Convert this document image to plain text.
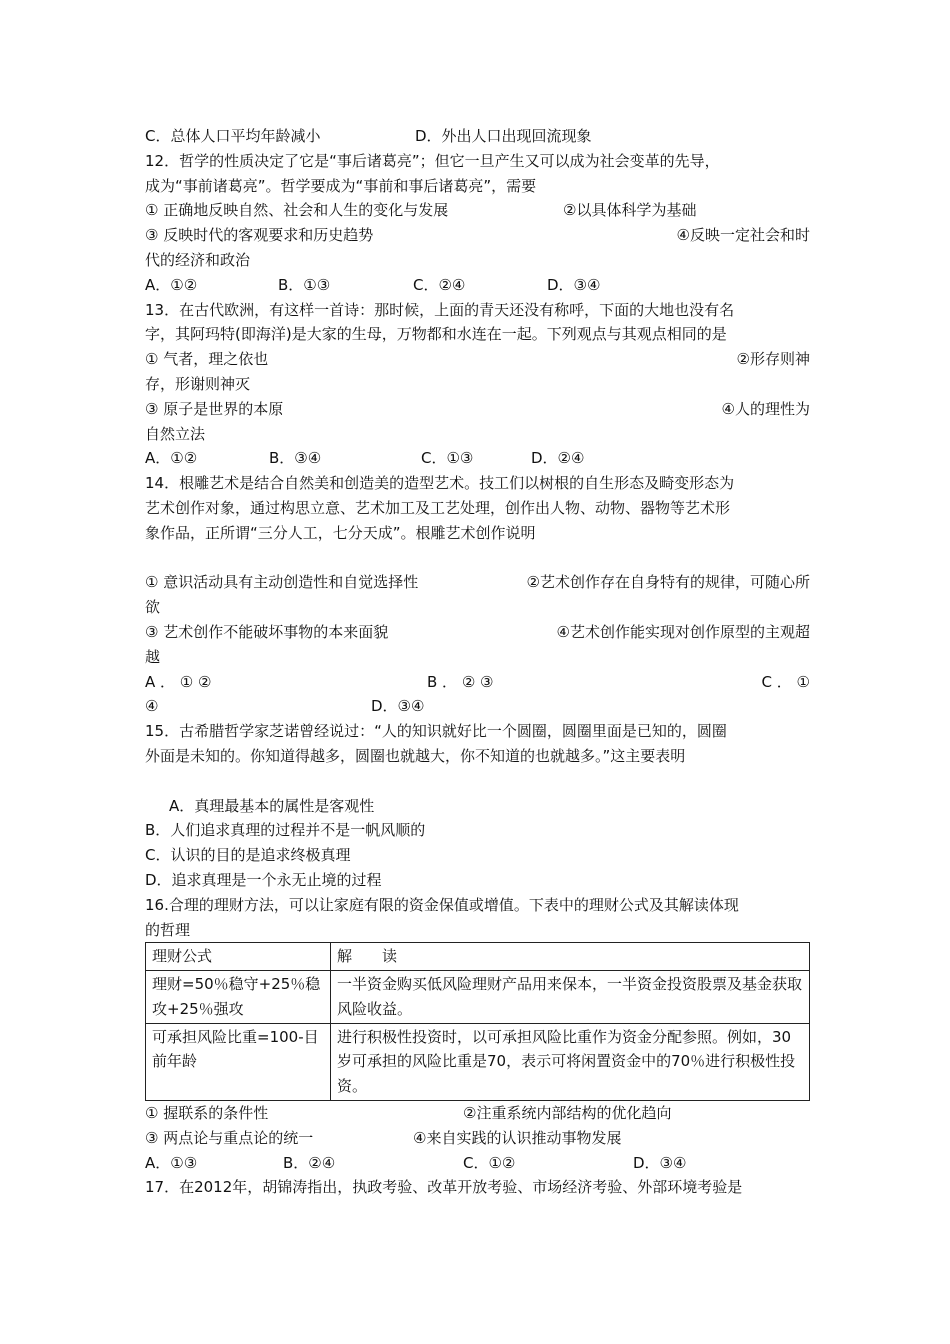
C．总体人口平均年龄减小	D．外出人口出现回流现象
12．哲学的性质决定了它是“事后诸葛亮”；但它一旦产生又可以成为社会变革的先导，
成为“事前诸葛亮”。哲学要成为“事前和事后诸葛亮”，需要
① 正确地反映自然、社会和人生的变化与发展	②以具体科学为基础
③ 反映时代的客观要求和历史趋势	④反映一定社会和时
代的经济和政治
A．①②	B．①③	C．②④	D．③④
13．在古代欧洲，有这样一首诗：那时候，上面的青天还没有称呼，下面的大地也没有名
字，其阿玛特(即海洋)是大家的生母，万物都和水连在一起。下列观点与其观点相同的是
① 气者，理之依也	②形存则神
存，形谢则神灭
③ 原子是世界的本原	④人的理性为
自然立法
A．①②	B．③④	C．①③	D．②④
14．根雕艺术是结合自然美和创造美的造型艺术。技工们以树根的自生形态及畸变形态为
艺术创作对象，通过构思立意、艺术加工及工艺处理，创作出人物、动物、器物等艺术形
象作品，正所谓“三分人工，七分天成”。根雕艺术创作说明
① 意识活动具有主动创造性和自觉选择性	②艺术创作存在自身特有的规律，可随心所
欲
③ 艺术创作不能破坏事物的本来面貌	④艺术创作能实现对创作原型的主观超
越
A ． ① ②	B ． ② ③	C ． ①
④	D．③④
15．古希腊哲学家芝诺曾经说过：“人的知识就好比一个圆圈，圆圈里面是已知的，圆圈
外面是未知的。你知道得越多，圆圈也就越大，你不知道的也就越多。”这主要表明
A．真理最基本的属性是客观性
B．人们追求真理的过程并不是一帆风顺的
C．认识的目的是追求终极真理
D．追求真理是一个永无止境的过程
16.合理的理财方法，可以让家庭有限的资金保值或增值。下表中的理财公式及其解读体现
的哲理
理财公式	解　　读
理财=50％稳守+25％稳攻+25％强攻	一半资金购买低风险理财产品用来保本，一半资金投资股票及基金获取风险收益。
可承担风险比重=100-目前年龄	进行积极性投资时，以可承担风险比重作为资金分配参照。例如，30岁可承担的风险比重是70，表示可将闲置资金中的70％进行积极性投资。
① 握联系的条件性	②注重系统内部结构的优化趋向
③ 两点论与重点论的统一	④来自实践的认识推动事物发展
A．①③	B．②④	C．①②	D．③④
17．在2012年，胡锦涛指出，执政考验、改革开放考验、市场经济考验、外部环境考验是
